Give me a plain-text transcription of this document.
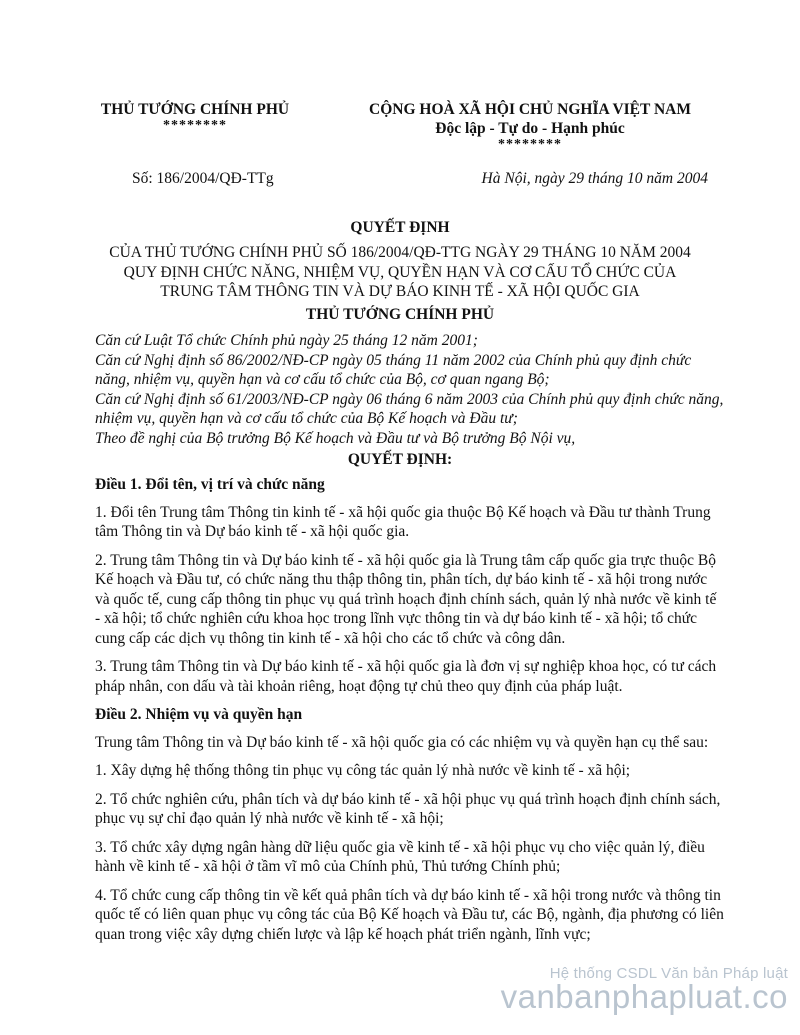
THỦ TƯỚNG CHÍNH PHỦ
********
CỘNG HOÀ XÃ HỘI CHỦ NGHĨA VIỆT NAM
Độc lập - Tự do - Hạnh phúc
********
Số: 186/2004/QĐ-TTg	Hà Nội, ngày 29 tháng 10 năm 2004
QUYẾT ĐỊNH
CỦA THỦ TƯỚNG CHÍNH PHỦ SỐ 186/2004/QĐ-TTG NGÀY 29 THÁNG 10 NĂM 2004
QUY ĐỊNH CHỨC NĂNG, NHIỆM VỤ, QUYỀN HẠN VÀ CƠ CẤU TỔ CHỨC CỦA
TRUNG TÂM THÔNG TIN VÀ DỰ BÁO KINH TẾ - XÃ HỘI QUỐC GIA
THỦ TƯỚNG CHÍNH PHỦ
Căn cứ Luật Tổ chức Chính phủ ngày 25 tháng 12 năm 2001;
Căn cứ Nghị định số 86/2002/NĐ-CP ngày 05 tháng 11 năm 2002 của Chính phủ quy định chức năng, nhiệm vụ, quyền hạn và cơ cấu tổ chức của Bộ, cơ quan ngang Bộ;
Căn cứ Nghị định số 61/2003/NĐ-CP ngày 06 tháng 6 năm 2003 của Chính phủ quy định chức năng, nhiệm vụ, quyền hạn và cơ cấu tổ chức của Bộ Kế hoạch và Đầu tư;
Theo đề nghị của Bộ trưởng Bộ Kế hoạch và Đầu tư và Bộ trưởng Bộ Nội vụ,
QUYẾT ĐỊNH:
Điều 1. Đổi tên, vị trí và chức năng

1. Đổi tên Trung tâm Thông tin kinh tế - xã hội quốc gia thuộc Bộ Kế hoạch và Đầu tư thành Trung tâm Thông tin và Dự báo kinh tế - xã hội quốc gia.

2. Trung tâm Thông tin và Dự báo kinh tế - xã hội quốc gia là Trung tâm cấp quốc gia trực thuộc Bộ Kế hoạch và Đầu tư, có chức năng thu thập thông tin, phân tích, dự báo kinh tế - xã hội trong nước và quốc tế, cung cấp thông tin phục vụ quá trình hoạch định chính sách, quản lý nhà nước về kinh tế - xã hội; tổ chức nghiên cứu khoa học trong lĩnh vực thông tin và dự báo kinh tế - xã hội; tổ chức cung cấp các dịch vụ thông tin kinh tế - xã hội cho các tổ chức và công dân.

3. Trung tâm Thông tin và Dự báo kinh tế - xã hội quốc gia là đơn vị sự nghiệp khoa học, có tư cách pháp nhân, con dấu và tài khoản riêng, hoạt động tự chủ theo quy định của pháp luật.

Điều 2. Nhiệm vụ và quyền hạn

Trung tâm Thông tin và Dự báo kinh tế - xã hội quốc gia có các nhiệm vụ và quyền hạn cụ thể sau:

1. Xây dựng hệ thống thông tin phục vụ công tác quản lý nhà nước về kinh tế - xã hội;

2. Tổ chức nghiên cứu, phân tích và dự báo kinh tế - xã hội phục vụ quá trình hoạch định chính sách, phục vụ sự chỉ đạo quản lý nhà nước về kinh tế - xã hội;

3. Tổ chức xây dựng ngân hàng dữ liệu quốc gia về kinh tế - xã hội phục vụ cho việc quản lý, điều hành về kinh tế - xã hội ở tầm vĩ mô của Chính phủ, Thủ tướng Chính phủ;

4. Tổ chức cung cấp thông tin về kết quả phân tích và dự báo kinh tế - xã hội trong nước và thông tin quốc tế có liên quan phục vụ công tác của Bộ Kế hoạch và Đầu tư, các Bộ, ngành, địa phương có liên quan trong việc xây dựng chiến lược và lập kế hoạch phát triển ngành, lĩnh vực;

Hệ thống CSDL Văn bản Pháp luật
vanbanphapluat.co
